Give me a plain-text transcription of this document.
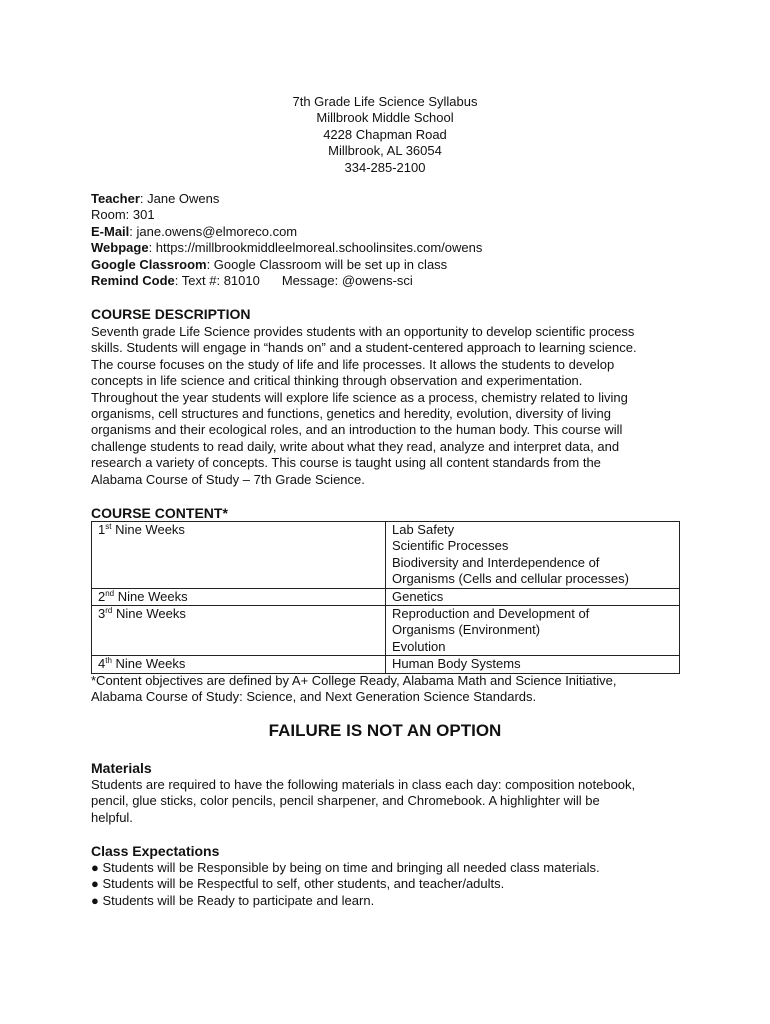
7th Grade Life Science Syllabus
Millbrook Middle School
4228 Chapman Road
Millbrook, AL 36054
334-285-2100
Teacher: Jane Owens
Room: 301
E-Mail: jane.owens@elmoreco.com
Webpage: https://millbrookmiddleelmoreal.schoolinsites.com/owens
Google Classroom: Google Classroom will be set up in class
Remind Code: Text #: 81010 Message: @owens-sci
COURSE DESCRIPTION
Seventh grade Life Science provides students with an opportunity to develop scientific process
skills. Students will engage in “hands on” and a student-centered approach to learning science.
The course focuses on the study of life and life processes. It allows the students to develop
concepts in life science and critical thinking through observation and experimentation.
Throughout the year students will explore life science as a process, chemistry related to living
organisms, cell structures and functions, genetics and heredity, evolution, diversity of living
organisms and their ecological roles, and an introduction to the human body. This course will
challenge students to read daily, write about what they read, analyze and interpret data, and
research a variety of concepts. This course is taught using all content standards from the
Alabama Course of Study – 7th Grade Science.
COURSE CONTENT*
1st Nine Weeks	Lab Safety
Scientific Processes
Biodiversity and Interdependence of
Organisms (Cells and cellular processes)

2nd Nine Weeks	Genetics

3rd Nine Weeks	Reproduction and Development of
Organisms (Environment)
Evolution

4th Nine Weeks	Human Body Systems
*Content objectives are defined by A+ College Ready, Alabama Math and Science Initiative,
Alabama Course of Study: Science, and Next Generation Science Standards.
FAILURE IS NOT AN OPTION
Materials
Students are required to have the following materials in class each day: composition notebook,
pencil, glue sticks, color pencils, pencil sharpener, and Chromebook. A highlighter will be
helpful.
Class Expectations
● Students will be Responsible by being on time and bringing all needed class materials.
● Students will be Respectful to self, other students, and teacher/adults.
● Students will be Ready to participate and learn.
